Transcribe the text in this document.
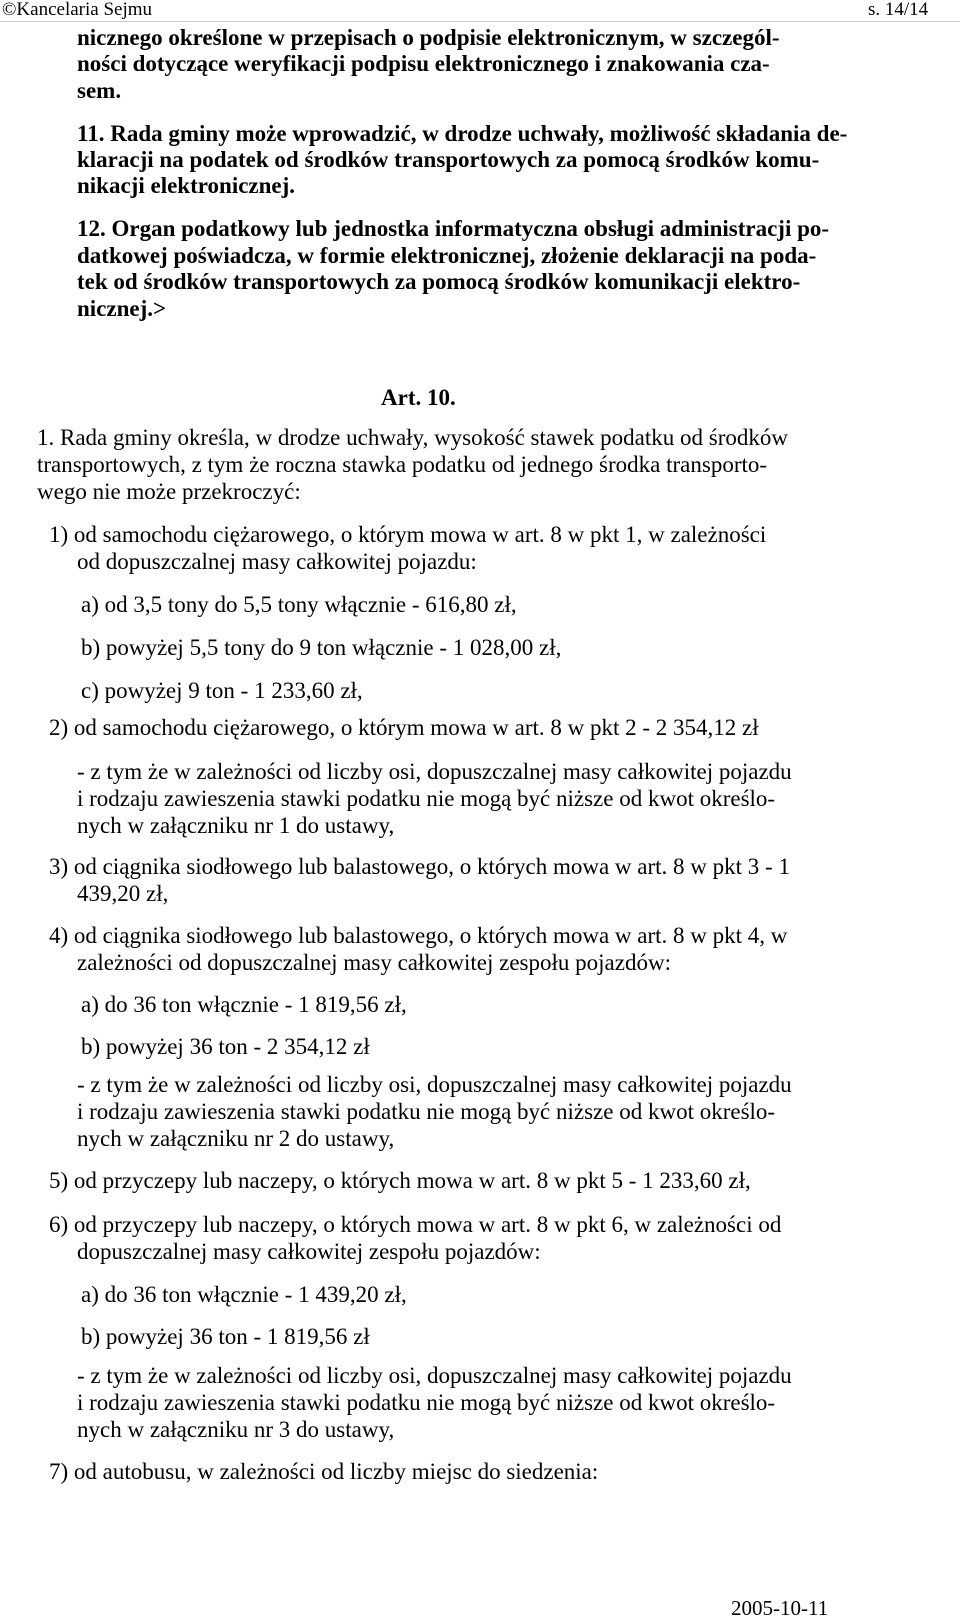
©Kancelaria Sejmu	s. 14/14
nicznego określone w przepisach o podpisie elektronicznym, w szczegól-
ności dotyczące weryfikacji podpisu elektronicznego i znakowania cza-
sem.
11. Rada gminy może wprowadzić, w drodze uchwały, możliwość składania de-
klaracji na podatek od środków transportowych za pomocą środków komu-
nikacji elektronicznej.
12. Organ podatkowy lub jednostka informatyczna obsługi administracji po-
datkowej poświadcza, w formie elektronicznej, złożenie deklaracji na poda-
tek od środków transportowych za pomocą środków komunikacji elektro-
nicznej.>
Art. 10.
1. Rada gminy określa, w drodze uchwały, wysokość stawek podatku od środków
transportowych, z tym że roczna stawka podatku od jednego środka transporto-
wego nie może przekroczyć:
1) od samochodu ciężarowego, o którym mowa w art. 8 w pkt 1, w zależności
od dopuszczalnej masy całkowitej pojazdu:
a) od 3,5 tony do 5,5 tony włącznie - 616,80 zł,
b) powyżej 5,5 tony do 9 ton włącznie - 1 028,00 zł,
c) powyżej 9 ton - 1 233,60 zł,
2) od samochodu ciężarowego, o którym mowa w art. 8 w pkt 2 - 2 354,12 zł
- z tym że w zależności od liczby osi, dopuszczalnej masy całkowitej pojazdu
i rodzaju zawieszenia stawki podatku nie mogą być niższe od kwot określo-
nych w załączniku nr 1 do ustawy,
3) od ciągnika siodłowego lub balastowego, o których mowa w art. 8 w pkt 3 - 1
439,20 zł,
4) od ciągnika siodłowego lub balastowego, o których mowa w art. 8 w pkt 4, w
zależności od dopuszczalnej masy całkowitej zespołu pojazdów:
a) do 36 ton włącznie - 1 819,56 zł,
b) powyżej 36 ton - 2 354,12 zł
- z tym że w zależności od liczby osi, dopuszczalnej masy całkowitej pojazdu
i rodzaju zawieszenia stawki podatku nie mogą być niższe od kwot określo-
nych w załączniku nr 2 do ustawy,
5) od przyczepy lub naczepy, o których mowa w art. 8 w pkt 5 - 1 233,60 zł,
6) od przyczepy lub naczepy, o których mowa w art. 8 w pkt 6, w zależności od
dopuszczalnej masy całkowitej zespołu pojazdów:
a) do 36 ton włącznie - 1 439,20 zł,
b) powyżej 36 ton - 1 819,56 zł
- z tym że w zależności od liczby osi, dopuszczalnej masy całkowitej pojazdu
i rodzaju zawieszenia stawki podatku nie mogą być niższe od kwot określo-
nych w załączniku nr 3 do ustawy,
7) od autobusu, w zależności od liczby miejsc do siedzenia:
2005-10-11
